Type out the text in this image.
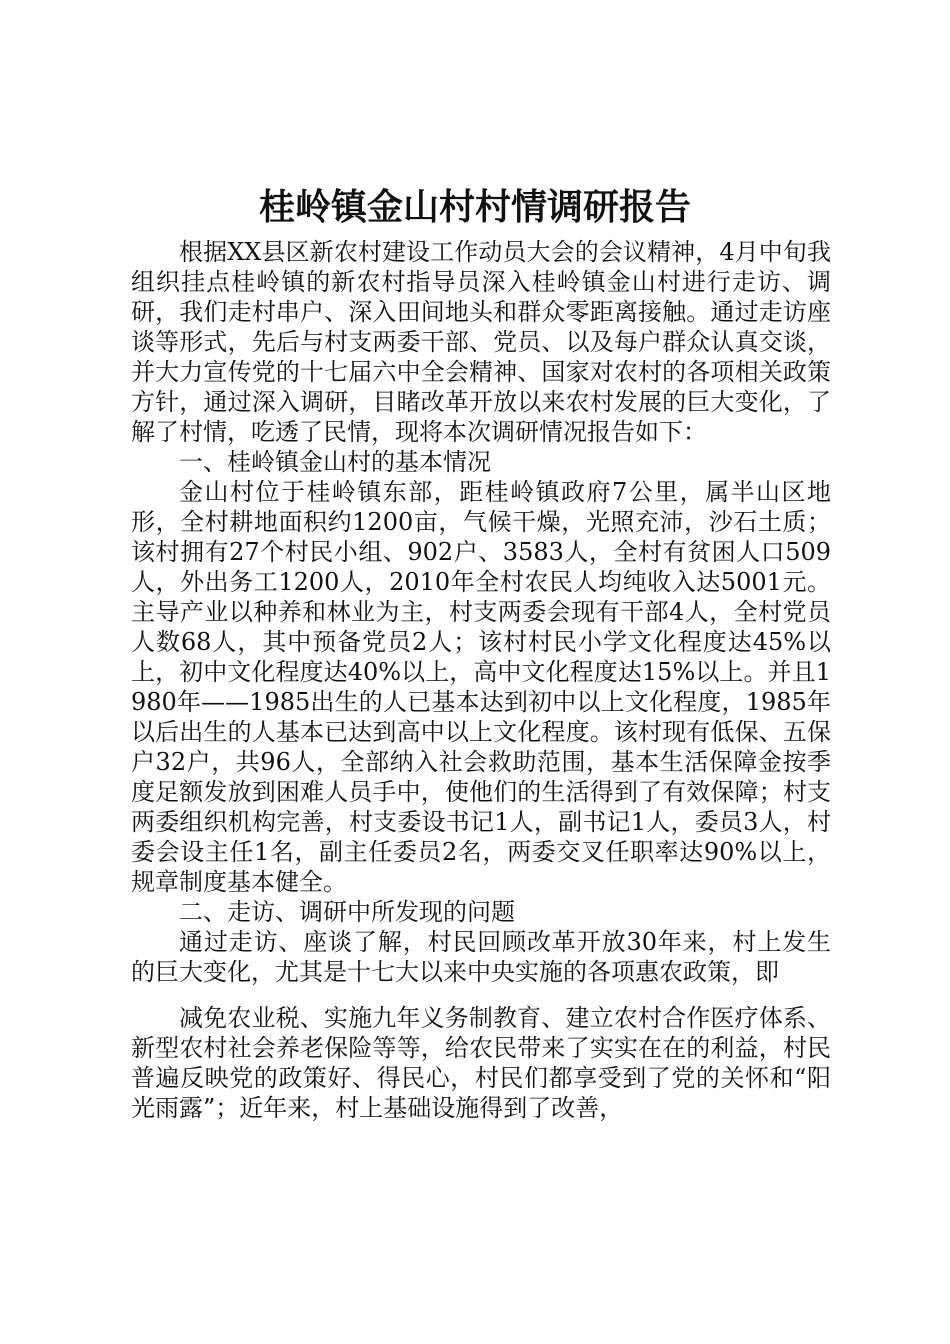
桂岭镇金山村村情调研报告

根据XX县区新农村建设工作动员大会的会议精神，4月中旬我组织挂点桂岭镇的新农村指导员深入桂岭镇金山村进行走访、调研，我们走村串户、深入田间地头和群众零距离接触。通过走访座谈等形式，先后与村支两委干部、党员、以及每户群众认真交谈，并大力宣传党的十七届六中全会精神、国家对农村的各项相关政策方针，通过深入调研，目睹改革开放以来农村发展的巨大变化，了解了村情，吃透了民情，现将本次调研情况报告如下：

一、桂岭镇金山村的基本情况

金山村位于桂岭镇东部，距桂岭镇政府7公里，属半山区地形，全村耕地面积约1200亩，气候干燥，光照充沛，沙石土质；该村拥有27个村民小组、902户、3583人，全村有贫困人口509人，外出务工1200人，2010年全村农民人均纯收入达5001元。主导产业以种养和林业为主，村支两委会现有干部4人，全村党员人数68人，其中预备党员2人；该村村民小学文化程度达45%以上，初中文化程度达40%以上，高中文化程度达15%以上。并且1980年——1985出生的人已基本达到初中以上文化程度，1985年以后出生的人基本已达到高中以上文化程度。该村现有低保、五保户32户，共96人，全部纳入社会救助范围，基本生活保障金按季度足额发放到困难人员手中，使他们的生活得到了有效保障；村支两委组织机构完善，村支委设书记1人，副书记1人，委员3人，村委会设主任1名，副主任委员2名，两委交叉任职率达90%以上，规章制度基本健全。

二、走访、调研中所发现的问题

通过走访、座谈了解，村民回顾改革开放30年来，村上发生的巨大变化，尤其是十七大以来中央实施的各项惠农政策，即

减免农业税、实施九年义务制教育、建立农村合作医疗体系、新型农村社会养老保险等等，给农民带来了实实在在的利益，村民普遍反映党的政策好、得民心，村民们都享受到了党的关怀和“阳光雨露”；近年来，村上基础设施得到了改善，
